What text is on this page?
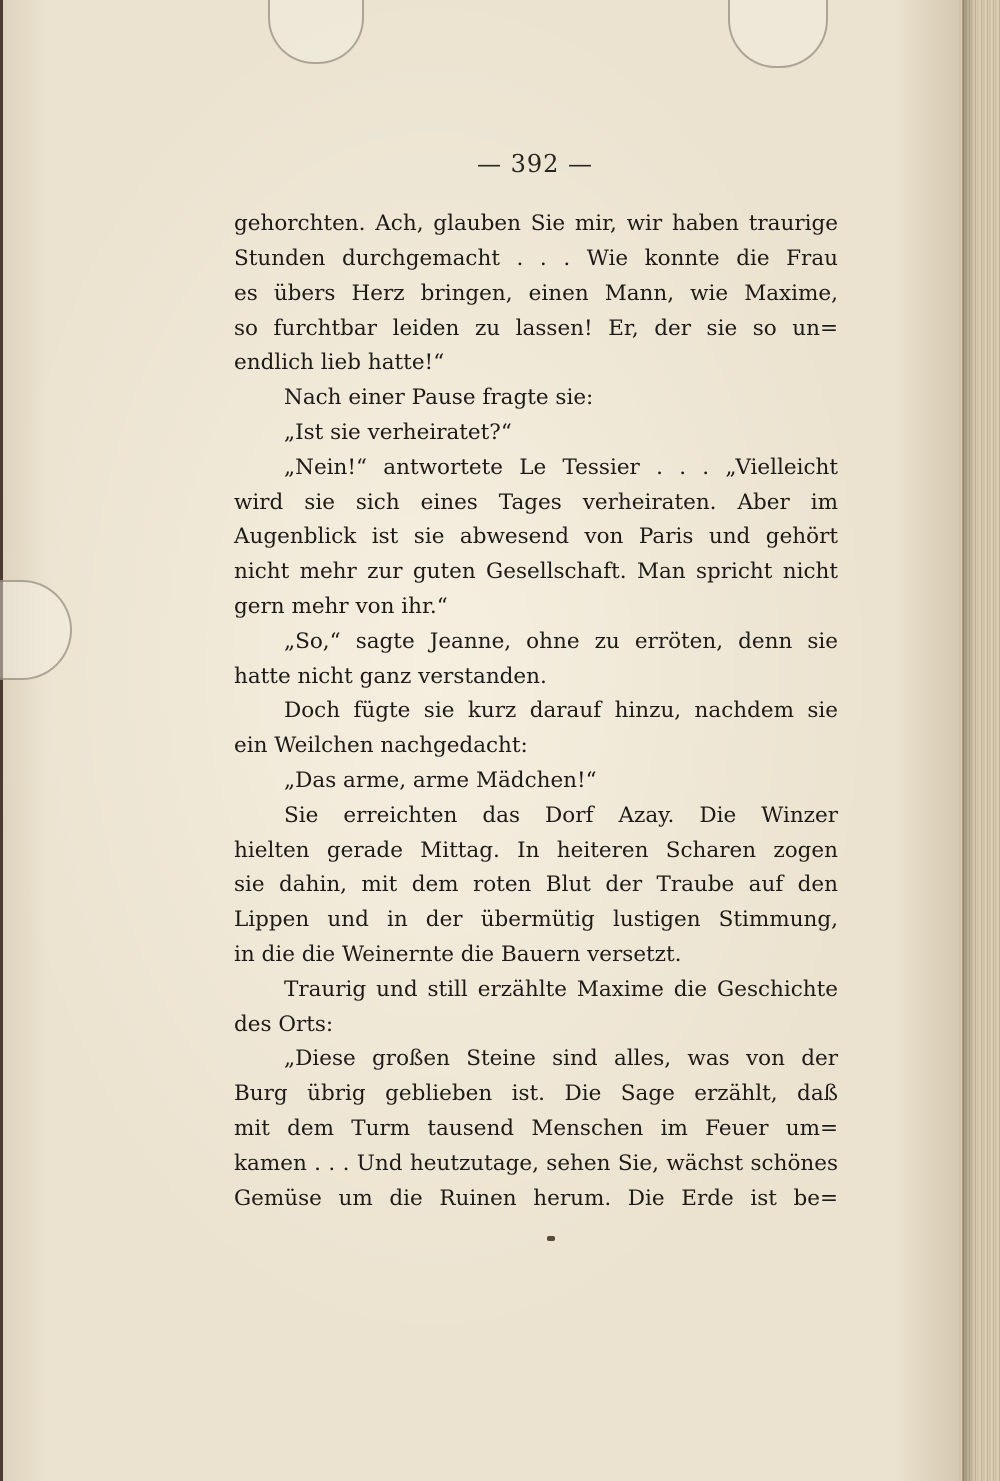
— 392 —
gehorchten. Ach, glauben Sie mir, wir haben traurige
Stunden durchgemacht . . . Wie konnte die Frau
es übers Herz bringen, einen Mann, wie Maxime,
so furchtbar leiden zu lassen! Er, der sie so un=
endlich lieb hatte!“
Nach einer Pause fragte sie:
„Ist sie verheiratet?“
„Nein!“ antwortete Le Tessier . . . „Vielleicht
wird sie sich eines Tages verheiraten. Aber im
Augenblick ist sie abwesend von Paris und gehört
nicht mehr zur guten Gesellschaft. Man spricht nicht
gern mehr von ihr.“
„So,“ sagte Jeanne, ohne zu erröten, denn sie
hatte nicht ganz verstanden.
Doch fügte sie kurz darauf hinzu, nachdem sie
ein Weilchen nachgedacht:
„Das arme, arme Mädchen!“
Sie erreichten das Dorf Azay. Die Winzer
hielten gerade Mittag. In heiteren Scharen zogen
sie dahin, mit dem roten Blut der Traube auf den
Lippen und in der übermütig lustigen Stimmung,
in die die Weinernte die Bauern versetzt.
Traurig und still erzählte Maxime die Geschichte
des Orts:
„Diese großen Steine sind alles, was von der
Burg übrig geblieben ist. Die Sage erzählt, daß
mit dem Turm tausend Menschen im Feuer um=
kamen . . . Und heutzutage, sehen Sie, wächst schönes
Gemüse um die Ruinen herum. Die Erde ist be=
